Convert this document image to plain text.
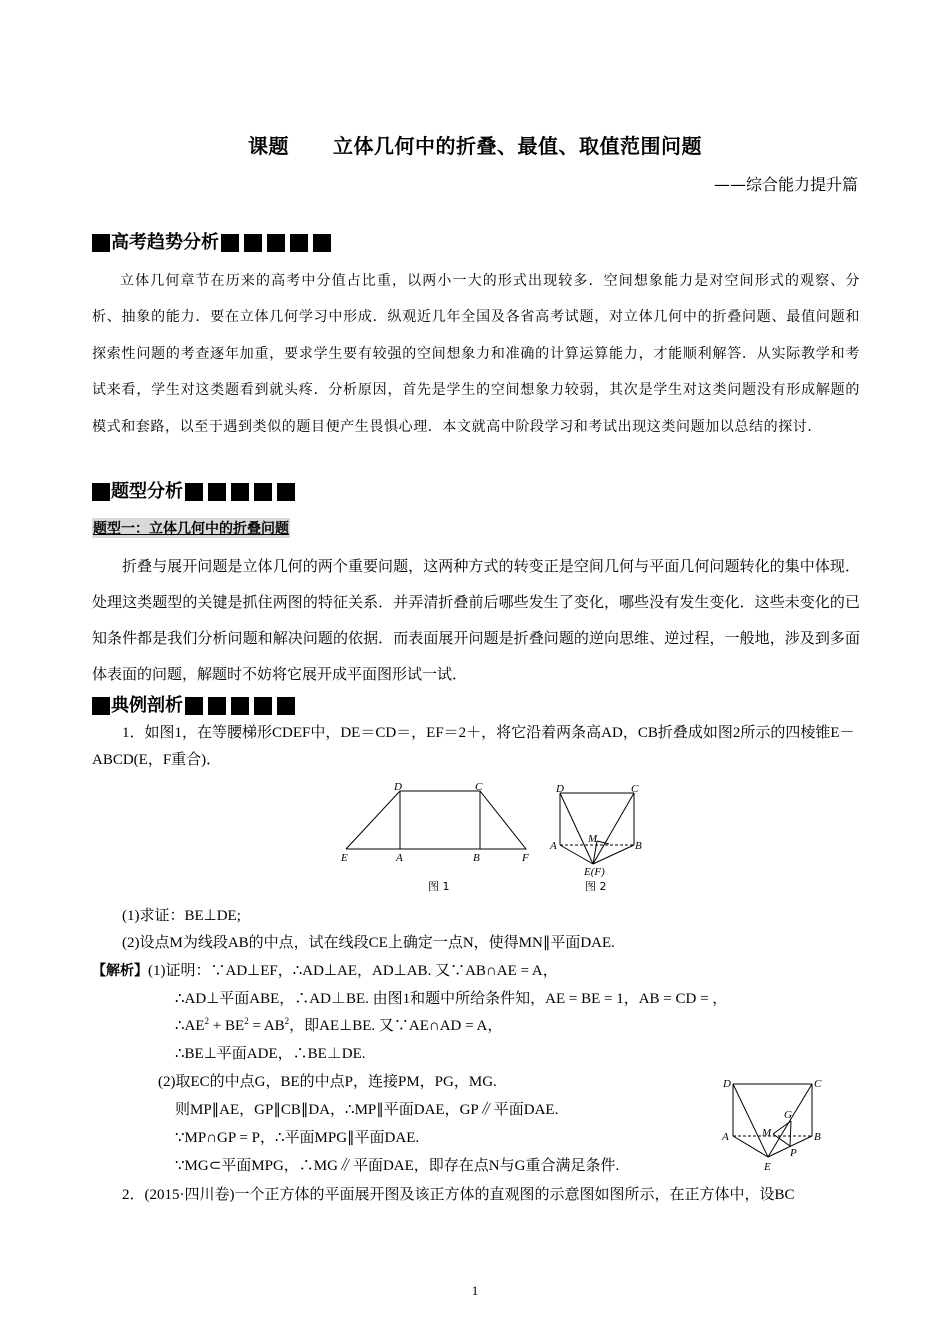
课题 立体几何中的折叠、最值、取值范围问题
——综合能力提升篇
高考趋势分析
立体几何章节在历来的高考中分值占比重，以两小一大的形式出现较多．空间想象能力是对空间形式的观察、分析、抽象的能力．要在立体几何学习中形成．纵观近几年全国及各省高考试题，对立体几何中的折叠问题、最值问题和探索性问题的考查逐年加重，要求学生要有较强的空间想象力和准确的计算运算能力，才能顺利解答．从实际教学和考试来看，学生对这类题看到就头疼．分析原因，首先是学生的空间想象力较弱，其次是学生对这类问题没有形成解题的模式和套路，以至于遇到类似的题目便产生畏惧心理．本文就高中阶段学习和考试出现这类问题加以总结的探讨．
题型分析
题型一：立体几何中的折叠问题
折叠与展开问题是立体几何的两个重要问题，这两种方式的转变正是空间几何与平面几何问题转化的集中体现．处理这类题型的关键是抓住两图的特征关系．并弄清折叠前后哪些发生了变化，哪些没有发生变化．这些未变化的已知条件都是我们分析问题和解决问题的依据．而表面展开问题是折叠问题的逆向思维、逆过程，一般地，涉及到多面体表面的问题，解题时不妨将它展开成平面图形试一试．
典例剖析
1．如图1，在等腰梯形CDEF中，DE＝CD＝，EF＝2＋，将它沿着两条高AD，CB折叠成如图2所示的四棱锥E－ABCD(E，F重合)．
D	C
E	A	B	F
图 1
D	C
A	B
M
E(F)
图 2
(1)求证：BE⊥DE;
(2)设点M为线段AB的中点，试在线段CE上确定一点N，使得MN∥平面DAE.
【解析】(1)证明：∵AD⊥EF，∴AD⊥AE，AD⊥AB. 又∵AB∩AE = A，
∴AD⊥平面ABE，∴AD⊥BE. 由图1和题中所给条件知，AE = BE = 1，AB = CD = ，
$\therefore AE^2 + BE^2 = AB^2$，即AE⊥BE. 又∵AE∩AD = A，
∴BE⊥平面ADE，∴BE⊥DE.
(2)取EC的中点G，BE的中点P，连接PM，PG，MG.
则MP∥AE，GP∥CB∥DA，∴MP∥平面DAE，GP∥平面DAE.
∵MP∩GP = P，∴平面MPG∥平面DAE.
∵MG⊂平面MPG，∴MG∥平面DAE，即存在点N与G重合满足条件.
D	C
A	B
M
G
P
E
2．(2015·四川卷)一个正方体的平面展开图及该正方体的直观图的示意图如图所示，在正方体中，设BC
1
